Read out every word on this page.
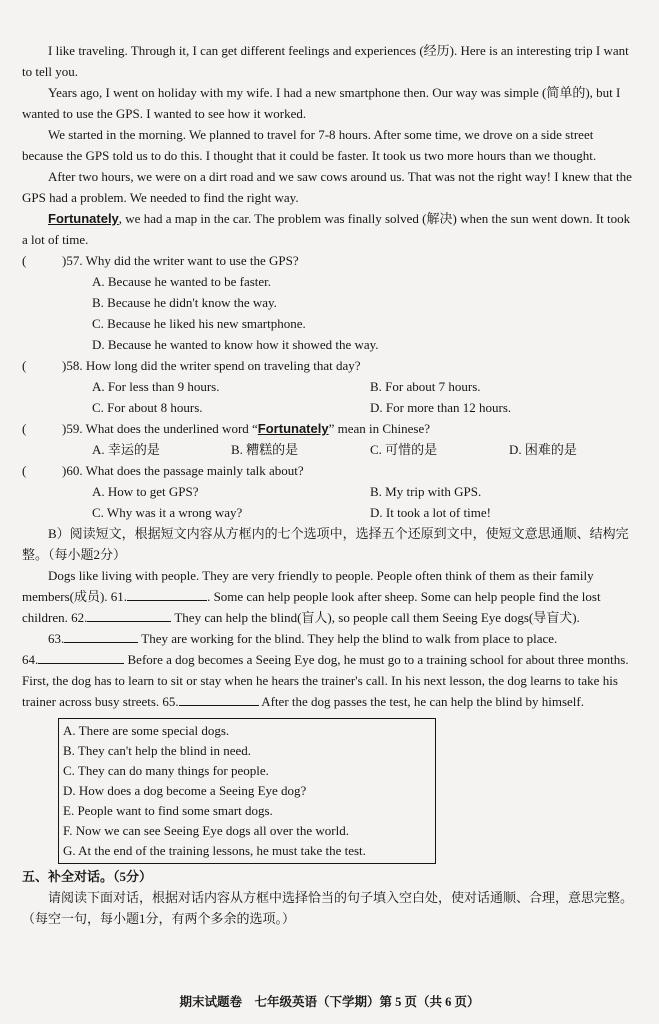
I like traveling. Through it, I can get different feelings and experiences (经历). Here is an interesting trip I want to tell you.

Years ago, I went on holiday with my wife. I had a new smartphone then. Our way was simple (简单的), but I wanted to use the GPS. I wanted to see how it worked.

We started in the morning. We planned to travel for 7-8 hours. After some time, we drove on a side street because the GPS told us to do this. I thought that it could be faster. It took us two more hours than we thought.

After two hours, we were on a dirt road and we saw cows around us. That was not the right way! I knew that the GPS had a problem. We needed to find the right way.

Fortunately, we had a map in the car. The problem was finally solved (解决) when the sun went down. It took a lot of time.

(	)57. Why did the writer want to use the GPS?
A. Because he wanted to be faster.
B. Because he didn't know the way.
C. Because he liked his new smartphone.
D. Because he wanted to know how it showed the way.
(	)58. How long did the writer spend on traveling that day?
A. For less than 9 hours.	B. For about 7 hours.
C. For about 8 hours.	D. For more than 12 hours.
(	)59. What does the underlined word “Fortunately” mean in Chinese?
A. 幸运的是	B. 糟糕的是	C. 可惜的是	D. 困难的是
(	)60. What does the passage mainly talk about?
A. How to get GPS?	B. My trip with GPS.
C. Why was it a wrong way?	D. It took a lot of time!

B）阅读短文，根据短文内容从方框内的七个选项中，选择五个还原到文中，使短文意思通顺、结构完整。（每小题2分）

Dogs like living with people. They are very friendly to people. People often think of them as their family members(成员). 61.	. Some can help people look after sheep. Some can help people find the lost children. 62.	They can help the blind(盲人), so people call them Seeing Eye dogs(导盲犬).

63.	They are working for the blind. They help the blind to walk from place to place.

64.	Before a dog becomes a Seeing Eye dog, he must go to a training school for about three months. First, the dog has to learn to sit or stay when he hears the trainer's call. In his next lesson, the dog learns to take his trainer across busy streets. 65.	After the dog passes the test, he can help the blind by himself.

A. There are some special dogs.
B. They can't help the blind in need.
C. They can do many things for people.
D. How does a dog become a Seeing Eye dog?
E. People want to find some smart dogs.
F. Now we can see Seeing Eye dogs all over the world.
G. At the end of the training lessons, he must take the test.

五、补全对话。（5分）

请阅读下面对话，根据对话内容从方框中选择恰当的句子填入空白处，使对话通顺、合理，意思完整。（每空一句，每小题1分，有两个多余的选项。）

期末试题卷　七年级英语（下学期）第 5 页（共 6 页）
